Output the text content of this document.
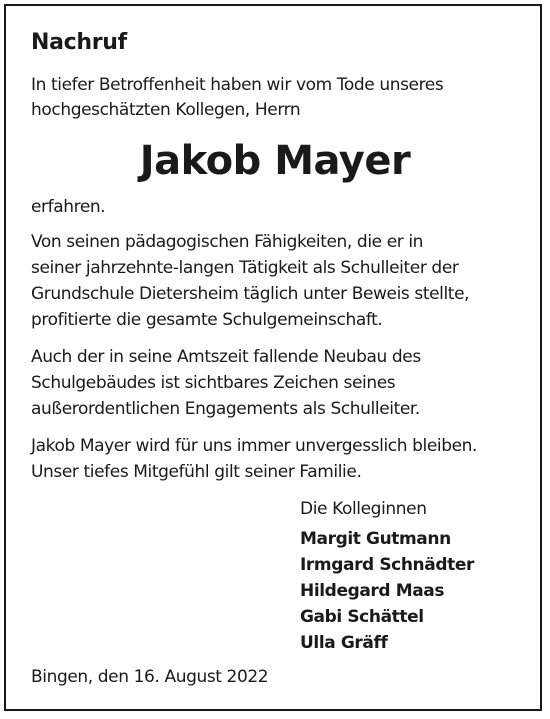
Nachruf
In tiefer Betroffenheit haben wir vom Tode unseres
hochgeschätzten Kollegen, Herrn
Jakob Mayer
erfahren.
Von seinen pädagogischen Fähigkeiten, die er in
seiner jahrzehnte-langen Tätigkeit als Schulleiter der
Grundschule Dietersheim täglich unter Beweis stellte,
profitierte die gesamte Schulgemeinschaft.
Auch der in seine Amtszeit fallende Neubau des
Schulgebäudes ist sichtbares Zeichen seines
außerordentlichen Engagements als Schulleiter.
Jakob Mayer wird für uns immer unvergesslich bleiben.
Unser tiefes Mitgefühl gilt seiner Familie.
Die Kolleginnen
Margit Gutmann
Irmgard Schnädter
Hildegard Maas
Gabi Schättel
Ulla Gräff
Bingen, den 16. August 2022
